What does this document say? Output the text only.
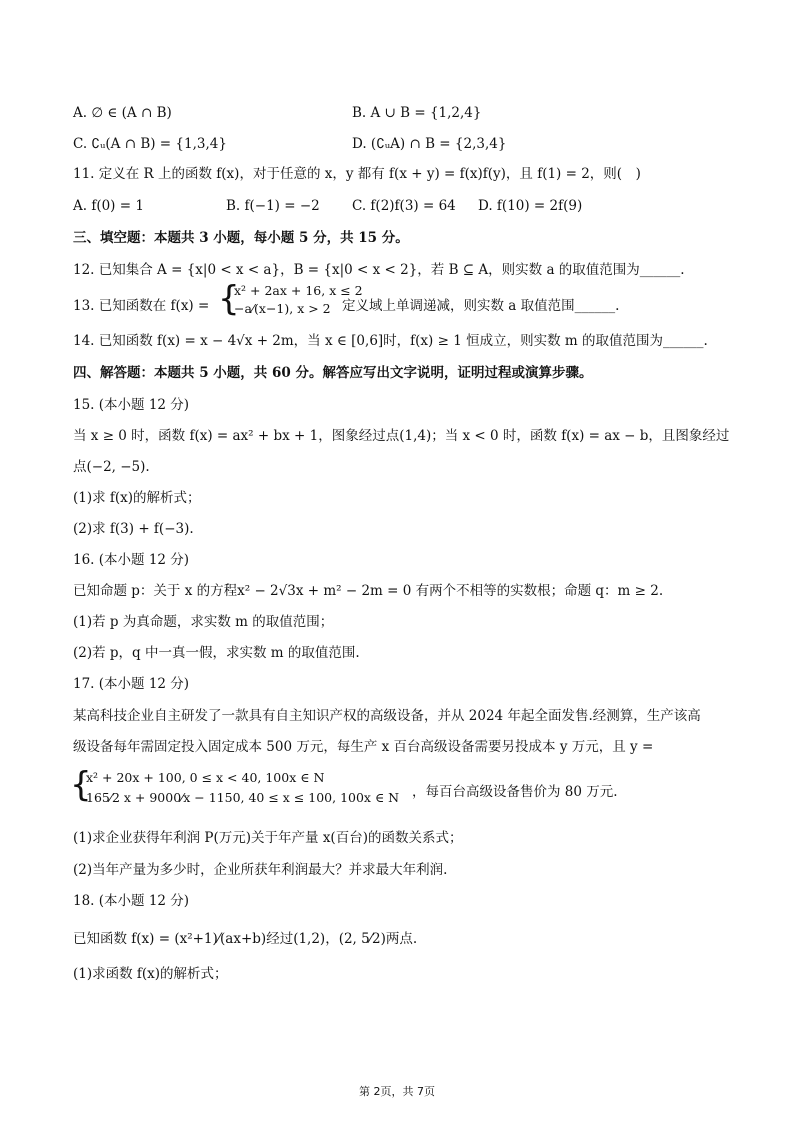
A. ∅ ∈ (A ∩ B)	B. A ∪ B = {1,2,4}
C. ∁ᵤ(A ∩ B) = {1,3,4}	D. (∁ᵤA) ∩ B = {2,3,4}
11. 定义在 R 上的函数 f(x)，对于任意的 x，y 都有 f(x + y) = f(x)f(y)，且 f(1) = 2，则(　)
A. f(0) = 1	B. f(−1) = −2 C. f(2)f(3) = 64 D. f(10) = 2f(9)
三、填空题：本题共 3 小题，每小题 5 分，共 15 分。
12. 已知集合 A = {x|0 < x < a}，B = {x|0 < x < 2}，若 B ⊆ A，则实数 a 的取值范围为______.
13. 已知函数在 f(x) = {
x² + 2ax + 16, x ≤ 2
−a⁄(x−1), x > 2 定义域上单调递减，则实数 a 取值范围______.
14. 已知函数 f(x) = x − 4√x + 2m，当 x ∈ [0,6]时，f(x) ≥ 1 恒成立，则实数 m 的取值范围为______.
四、解答题：本题共 5 小题，共 60 分。解答应写出文字说明，证明过程或演算步骤。
15. (本小题 12 分)
当 x ≥ 0 时，函数 f(x) = ax² + bx + 1，图象经过点(1,4)；当 x < 0 时，函数 f(x) = ax − b，且图象经过
点(−2, −5).
(1)求 f(x)的解析式；
(2)求 f(3) + f(−3).
16. (本小题 12 分)
已知命题 p：关于 x 的方程x² − 2√3x + m² − 2m = 0 有两个不相等的实数根；命题 q：m ≥ 2.
(1)若 p 为真命题，求实数 m 的取值范围；
(2)若 p，q 中一真一假，求实数 m 的取值范围.
17. (本小题 12 分)
某高科技企业自主研发了一款具有自主知识产权的高级设备，并从 2024 年起全面发售.经测算，生产该高
级设备每年需固定投入固定成本 500 万元，每生产 x 百台高级设备需要另投成本 y 万元，且 y =
{
x² + 20x + 100, 0 ≤ x < 40, 100x ∈ N
165⁄2 x + 9000⁄x − 1150, 40 ≤ x ≤ 100, 100x ∈ N ，每百台高级设备售价为 80 万元.
(1)求企业获得年利润 P(万元)关于年产量 x(百台)的函数关系式；
(2)当年产量为多少时，企业所获年利润最大？并求最大年利润.
18. (本小题 12 分)
已知函数 f(x) = (x²+1)⁄(ax+b)经过(1,2)，(2, 5⁄2)两点.
(1)求函数 f(x)的解析式；
第 2页，共 7页
